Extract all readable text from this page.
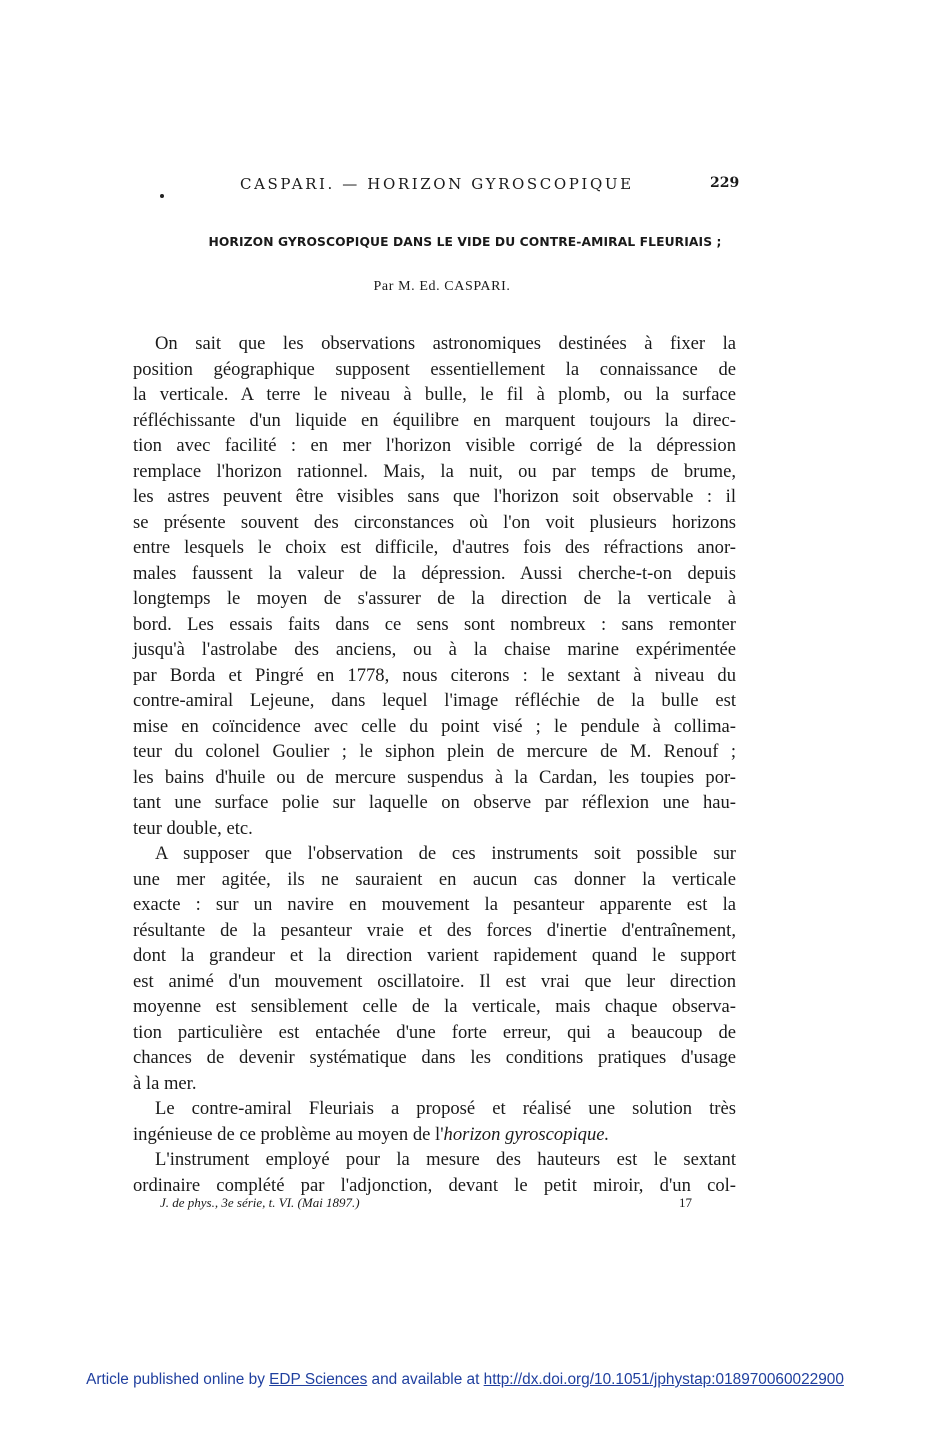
CASPARI. — HORIZON GYROSCOPIQUE	229
HORIZON GYROSCOPIQUE DANS LE VIDE DU CONTRE-AMIRAL FLEURIAIS ;
Par M. Ed. CASPARI.
On sait que les observations astronomiques destinées à fixer la
position géographique supposent essentiellement la connaissance de
la verticale. A terre le niveau à bulle, le fil à plomb, ou la surface
réfléchissante d'un liquide en équilibre en marquent toujours la direc-
tion avec facilité : en mer l'horizon visible corrigé de la dépression
remplace l'horizon rationnel. Mais, la nuit, ou par temps de brume,
les astres peuvent être visibles sans que l'horizon soit observable : il
se présente souvent des circonstances où l'on voit plusieurs horizons
entre lesquels le choix est difficile, d'autres fois des réfractions anor-
males faussent la valeur de la dépression. Aussi cherche-t-on depuis
longtemps le moyen de s'assurer de la direction de la verticale à
bord. Les essais faits dans ce sens sont nombreux : sans remonter
jusqu'à l'astrolabe des anciens, ou à la chaise marine expérimentée
par Borda et Pingré en 1778, nous citerons : le sextant à niveau du
contre-amiral Lejeune, dans lequel l'image réfléchie de la bulle est
mise en coïncidence avec celle du point visé ; le pendule à collima-
teur du colonel Goulier ; le siphon plein de mercure de M. Renouf ;
les bains d'huile ou de mercure suspendus à la Cardan, les toupies por-
tant une surface polie sur laquelle on observe par réflexion une hau-
teur double, etc.
A supposer que l'observation de ces instruments soit possible sur
une mer agitée, ils ne sauraient en aucun cas donner la verticale
exacte : sur un navire en mouvement la pesanteur apparente est la
résultante de la pesanteur vraie et des forces d'inertie d'entraînement,
dont la grandeur et la direction varient rapidement quand le support
est animé d'un mouvement oscillatoire. Il est vrai que leur direction
moyenne est sensiblement celle de la verticale, mais chaque observa-
tion particulière est entachée d'une forte erreur, qui a beaucoup de
chances de devenir systématique dans les conditions pratiques d'usage
à la mer.
Le contre-amiral Fleuriais a proposé et réalisé une solution très
ingénieuse de ce problème au moyen de l'horizon gyroscopique.
L'instrument employé pour la mesure des hauteurs est le sextant
ordinaire complété par l'adjonction, devant le petit miroir, d'un col-
J. de phys., 3e série, t. VI. (Mai 1897.)	17
Article published online by EDP Sciences and available at http://dx.doi.org/10.1051/jphystap:018970060022900
